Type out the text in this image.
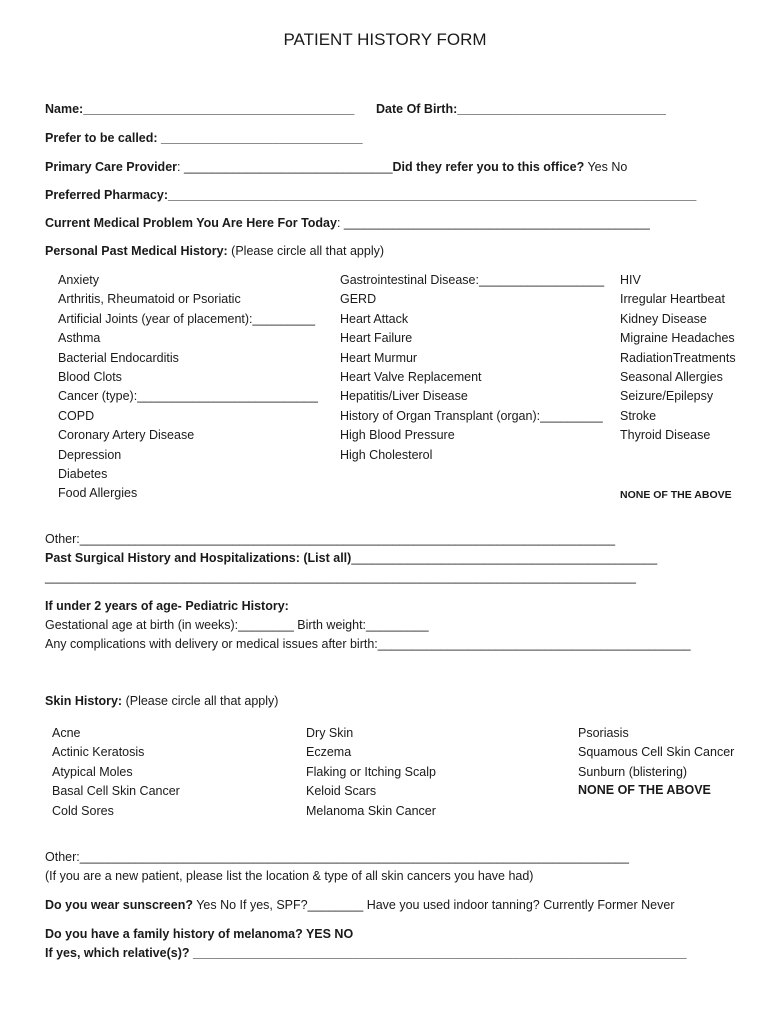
PATIENT HISTORY FORM
Name:_______________________________________ Date Of Birth:______________________________
Prefer to be called: _____________________________
Primary Care Provider: ______________________________Did they refer you to this office? Yes No
Preferred Pharmacy:____________________________________________________________________________
Current Medical Problem You Are Here For Today: ____________________________________________
Personal Past Medical History: (Please circle all that apply)
Anxiety
Arthritis, Rheumatoid or Psoriatic
Artificial Joints (year of placement):_________
Asthma
Bacterial Endocarditis
Blood Clots
Cancer (type):__________________________
COPD
Coronary Artery Disease
Depression
Diabetes
Food Allergies
Gastrointestinal Disease:__________________
GERD
Heart Attack
Heart Failure
Heart Murmur
Heart Valve Replacement
Hepatitis/Liver Disease
History of Organ Transplant (organ):_________
High Blood Pressure
High Cholesterol
HIV
Irregular Heartbeat
Kidney Disease
Migraine Headaches
RadiationTreatments
Seasonal Allergies
Seizure/Epilepsy
Stroke
Thyroid Disease
NONE OF THE ABOVE
Other:_____________________________________________________________________________
Past Surgical History and Hospitalizations: (List all)____________________________________________
_____________________________________________________________________________________
If under 2 years of age- Pediatric History:
Gestational age at birth (in weeks):________ Birth weight:_________
Any complications with delivery or medical issues after birth:_____________________________________________
Skin History: (Please circle all that apply)
Acne
Actinic Keratosis
Atypical Moles
Basal Cell Skin Cancer
Cold Sores
Dry Skin
Eczema
Flaking or Itching Scalp
Keloid Scars
Melanoma Skin Cancer
Psoriasis
Squamous Cell Skin Cancer
Sunburn (blistering)
NONE OF THE ABOVE
Other:_______________________________________________________________________________
(If you are a new patient, please list the location & type of all skin cancers you have had)
Do you wear sunscreen? Yes No If yes, SPF?________ Have you used indoor tanning? Currently Former Never
Do you have a family history of melanoma? YES NO
If yes, which relative(s)? _______________________________________________________________________
